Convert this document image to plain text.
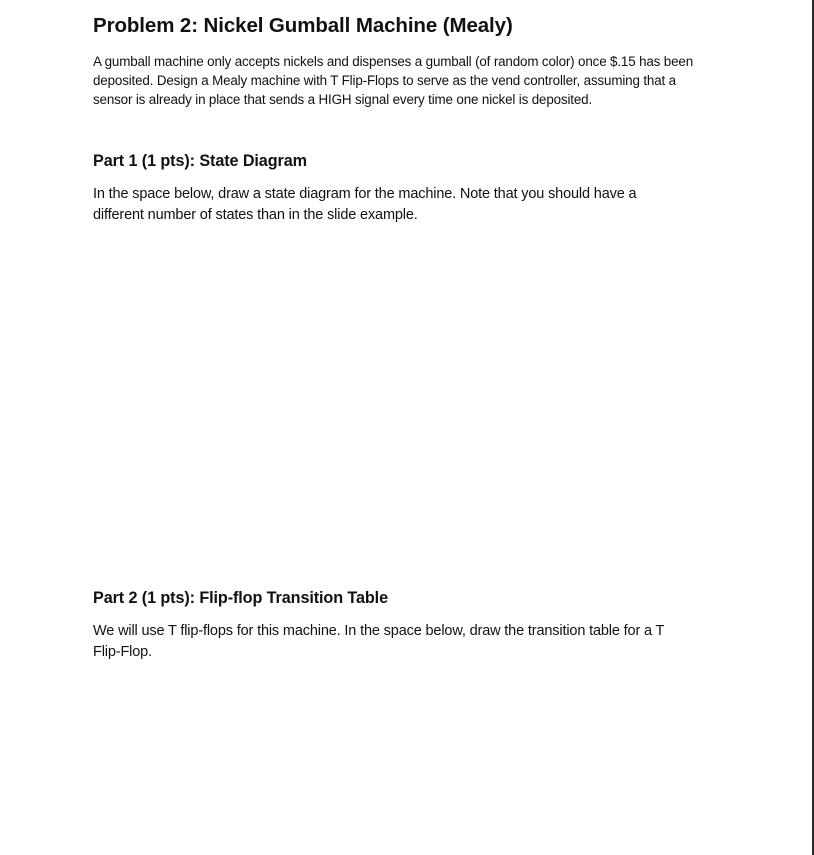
Problem 2: Nickel Gumball Machine (Mealy)

A gumball machine only accepts nickels and dispenses a gumball (of random color) once $.15 has been
deposited. Design a Mealy machine with T Flip-Flops to serve as the vend controller, assuming that a
sensor is already in place that sends a HIGH signal every time one nickel is deposited.

Part 1 (1 pts): State Diagram

In the space below, draw a state diagram for the machine. Note that you should have a
different number of states than in the slide example.

Part 2 (1 pts): Flip-flop Transition Table

We will use T flip-flops for this machine. In the space below, draw the transition table for a T
Flip-Flop.
